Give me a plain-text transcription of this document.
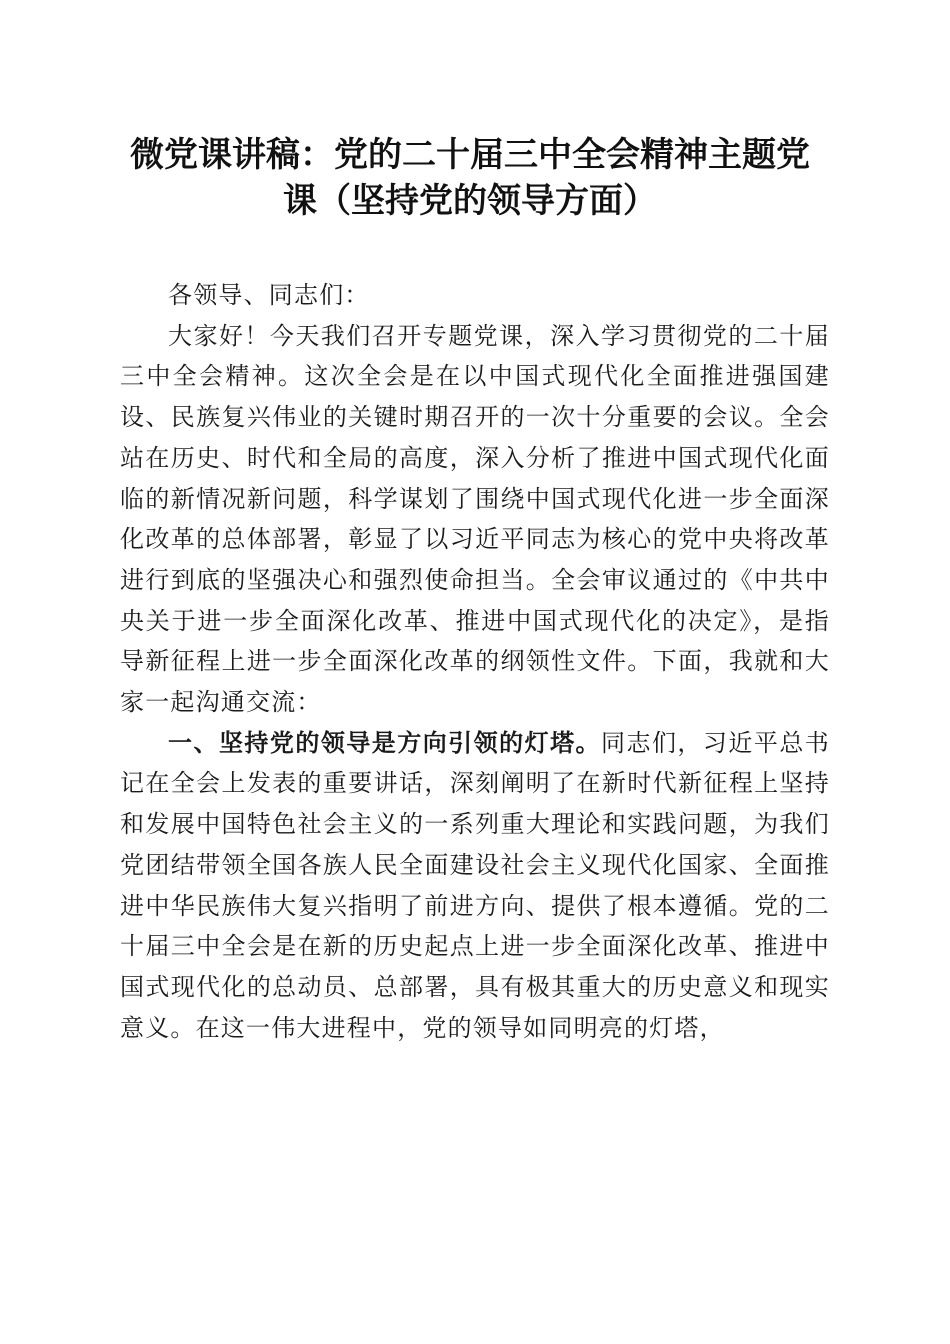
微党课讲稿：党的二十届三中全会精神主题党
课（坚持党的领导方面）

各领导、同志们：

大家好！今天我们召开专题党课，深入学习贯彻党的二十届三中全会精神。这次全会是在以中国式现代化全面推进强国建设、民族复兴伟业的关键时期召开的一次十分重要的会议。全会站在历史、时代和全局的高度，深入分析了推进中国式现代化面临的新情况新问题，科学谋划了围绕中国式现代化进一步全面深化改革的总体部署，彰显了以习近平同志为核心的党中央将改革进行到底的坚强决心和强烈使命担当。全会审议通过的《中共中央关于进一步全面深化改革、推进中国式现代化的决定》，是指导新征程上进一步全面深化改革的纲领性文件。下面，我就和大家一起沟通交流：

一、坚持党的领导是方向引领的灯塔。同志们，习近平总书记在全会上发表的重要讲话，深刻阐明了在新时代新征程上坚持和发展中国特色社会主义的一系列重大理论和实践问题，为我们党团结带领全国各族人民全面建设社会主义现代化国家、全面推进中华民族伟大复兴指明了前进方向、提供了根本遵循。党的二十届三中全会是在新的历史起点上进一步全面深化改革、推进中国式现代化的总动员、总部署，具有极其重大的历史意义和现实意义。在这一伟大进程中，党的领导如同明亮的灯塔，
